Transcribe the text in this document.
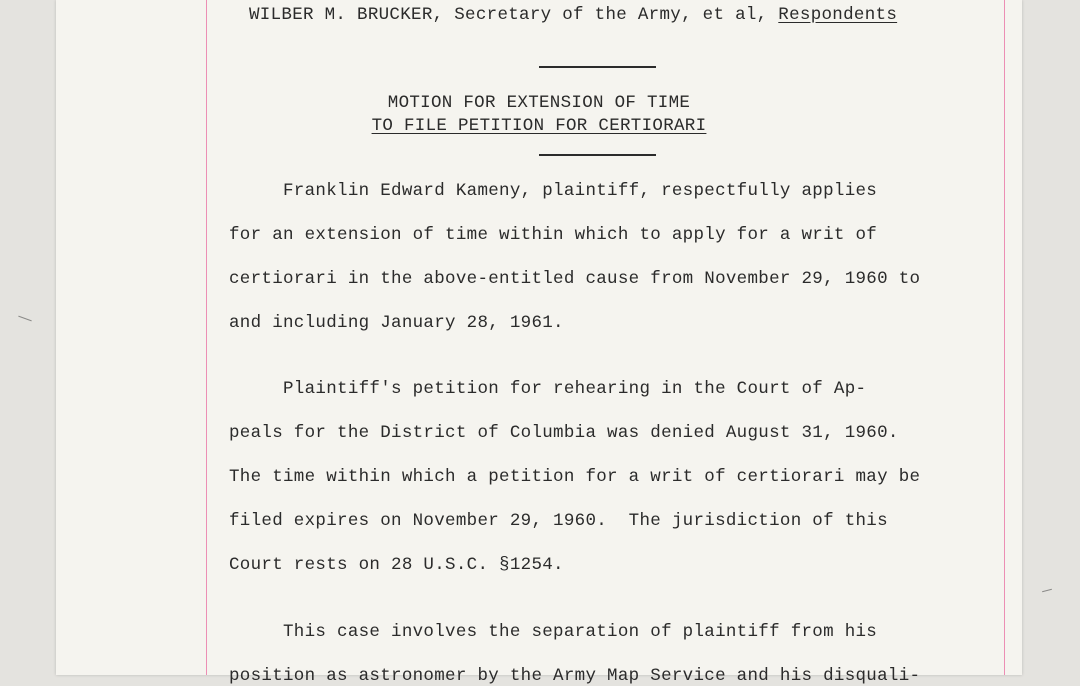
WILBER M. BRUCKER, Secretary of the Army, et al, Respondents
MOTION FOR EXTENSION OF TIME
TO FILE PETITION FOR CERTIORARI
Franklin Edward Kameny, plaintiff, respectfully applies
for an extension of time within which to apply for a writ of
certiorari in the above-entitled cause from November 29, 1960 to
and including January 28, 1961.
Plaintiff's petition for rehearing in the Court of Ap-
peals for the District of Columbia was denied August 31, 1960.
The time within which a petition for a writ of certiorari may be
filed expires on November 29, 1960.  The jurisdiction of this
Court rests on 28 U.S.C. §1254.
This case involves the separation of plaintiff from his
position as astronomer by the Army Map Service and his disquali-
